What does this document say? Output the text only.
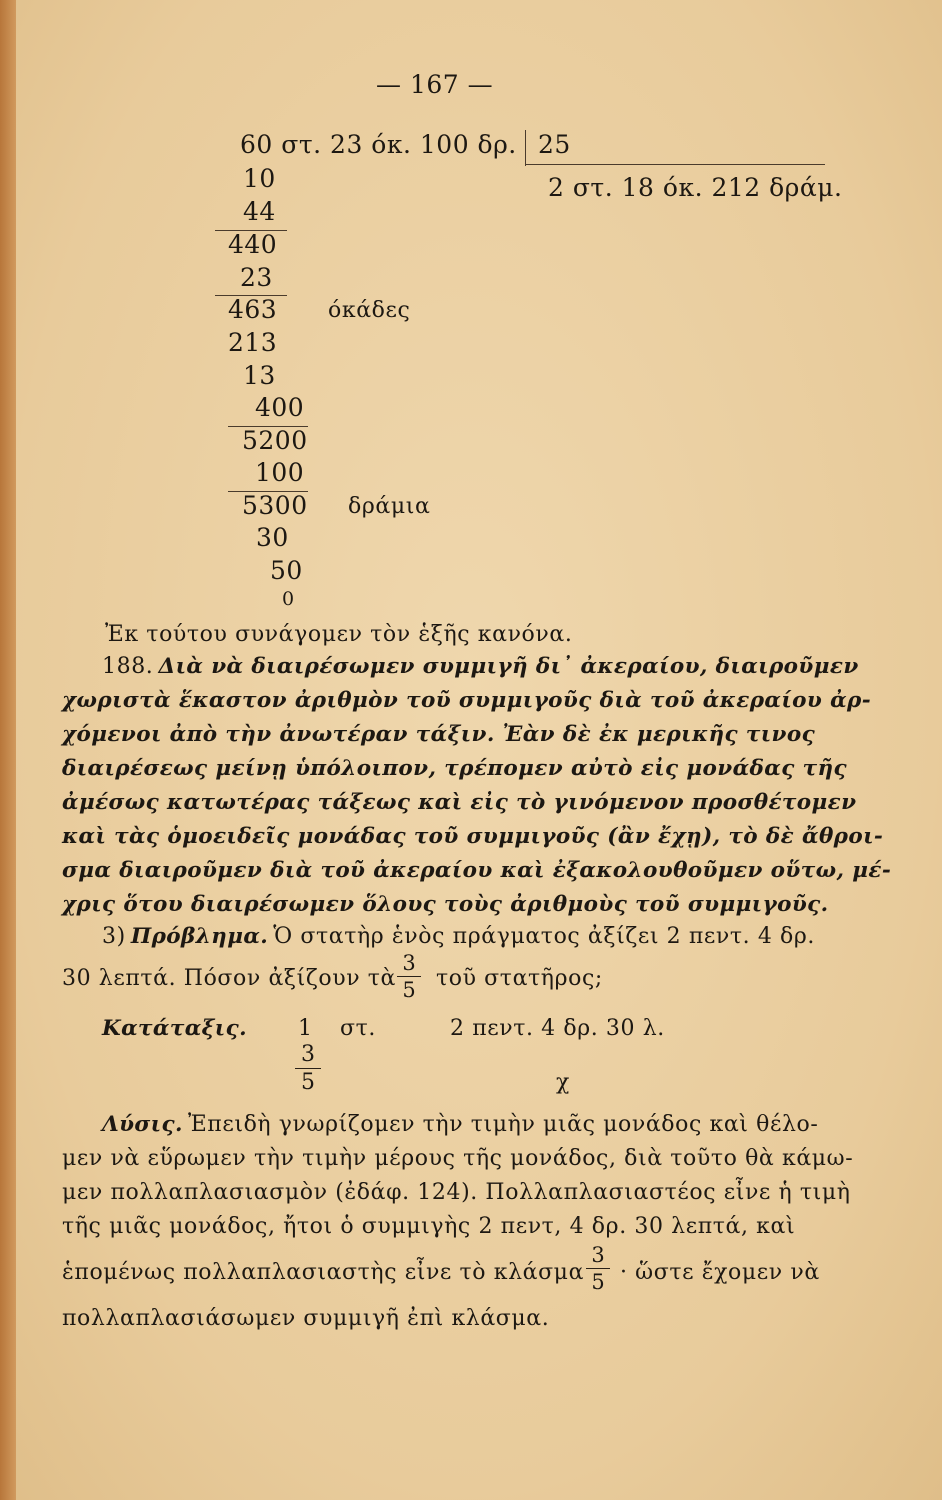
— 167 —
60 στ. 23 όκ. 100 δρ. 25
2 στ. 18 όκ. 212 δράμ.
10
44
440
23
463 όκάδες
213
13
400
5200
100
5300 δράμια
30
50
0
Ἐκ τούτου συνάγομεν τὸν ἑξῆς κανόνα.
188. Διὰ νὰ διαιρέσωμεν συμμιγῆ δι᾽ ἀκεραίου, διαιροῦμεν
χωριστὰ ἕκαστον ἀριθμὸν τοῦ συμμιγοῦς διὰ τοῦ ἀκεραίου ἀρ-
χόμενοι ἀπὸ τὴν ἀνωτέραν τάξιν. Ἐὰν δὲ ἐκ μερικῆς τινος
διαιρέσεως μείνῃ ὑπόλοιπον, τρέπομεν αὐτὸ εἰς μονάδας τῆς
ἀμέσως κατωτέρας τάξεως καὶ εἰς τὸ γινόμενον προσθέτομεν
καὶ τὰς ὁμοειδεῖς μονάδας τοῦ συμμιγοῦς (ἂν ἔχῃ), τὸ δὲ ἄθροι-
σμα διαιροῦμεν διὰ τοῦ ἀκεραίου καὶ ἐξακολουθοῦμεν οὕτω, μέ-
χρις ὅτου διαιρέσωμεν ὅλους τοὺς ἀριθμοὺς τοῦ συμμιγοῦς.
3) Πρόβλημα. Ὁ στατὴρ ἑνὸς πράγματος ἀξίζει 2 πεντ. 4 δρ.
30 λεπτά. Πόσον ἀξίζουν τὰ
3
5 τοῦ στατῆρος;
Κατάταξις. 1 στ.	2 πεντ. 4 δρ. 30 λ.
3
5	χ
Λύσις. Ἐπειδὴ γνωρίζομεν τὴν τιμὴν μιᾶς μονάδος καὶ θέλο-
μεν νὰ εὕρωμεν τὴν τιμὴν μέρους τῆς μονάδος, διὰ τοῦτο θὰ κάμω-
μεν πολλαπλασιασμὸν (ἐδάφ. 124). Πολλαπλασιαστέος εἶνε ἡ τιμὴ
τῆς μιᾶς μονάδος, ἤτοι ὁ συμμιγὴς 2 πεντ, 4 δρ. 30 λεπτά, καὶ
ἑπομένως πολλαπλασιαστὴς εἶνε τὸ κλάσμα
3
5 · ὥστε ἔχομεν νὰ
πολλαπλασιάσωμεν συμμιγῆ ἐπὶ κλάσμα.
